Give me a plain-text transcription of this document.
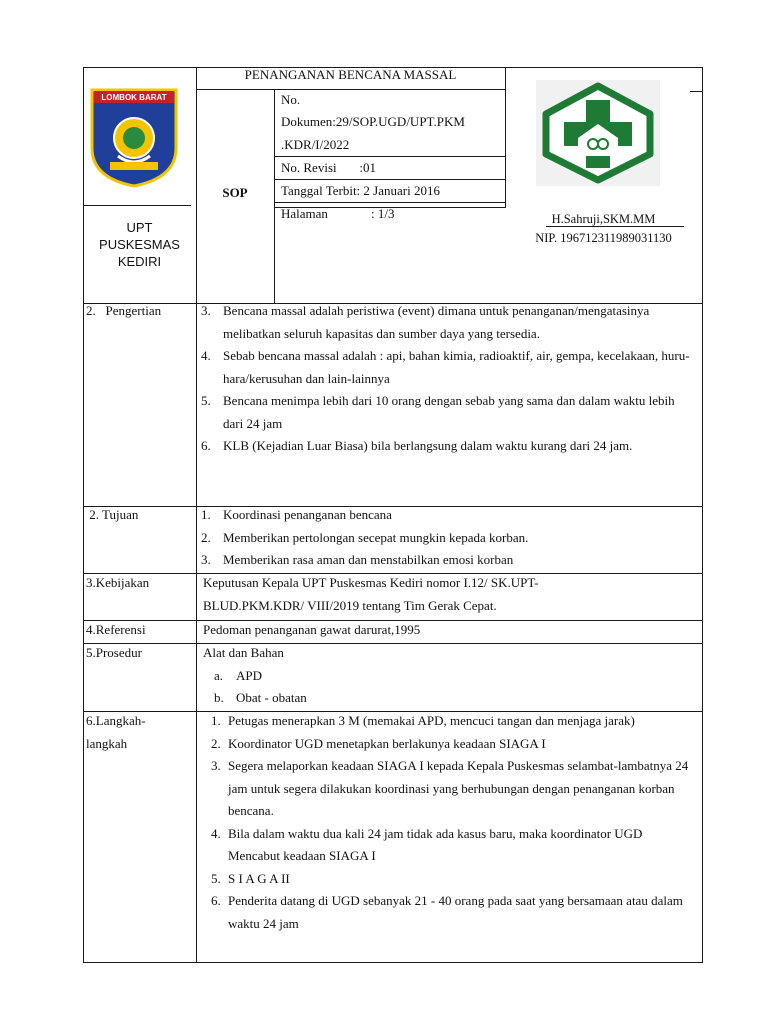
LOMBOK BARAT
UPT
PUSKESMAS
KEDIRI
PENANGANAN BENCANA MASSAL
SOP
No.
Dokumen:29/SOP.UGD/UPT.PKM
.KDR/I/2022
No. Revisi       :01
Tanggal Terbit: 2 Januari 2016
Halaman	: 1/3	H.Sahruji,SKM.MM
NIP. 196712311989031130
2.   Pengertian	3. Bencana massal adalah peristiwa (event) dimana untuk penanganan/mengatasinya melibatkan seluruh kapasitas dan sumber daya yang tersedia.
4. Sebab bencana massal adalah : api, bahan kimia, radioaktif, air, gempa, kecelakaan, huru-hara/kerusuhan dan lain-lainnya
5. Bencana menimpa lebih dari 10 orang dengan sebab yang sama dan dalam waktu lebih dari 24 jam
6. KLB (Kejadian Luar Biasa) bila berlangsung dalam waktu kurang dari 24 jam.
2. Tujuan	1. Koordinasi penanganan bencana
2. Memberikan pertolongan secepat mungkin kepada korban.
3. Memberikan rasa aman dan menstabilkan emosi korban
3.Kebijakan	Keputusan Kepala UPT Puskesmas Kediri nomor I.12/ SK.UPT-BLUD.PKM.KDR/ VIII/2019 tentang Tim Gerak Cepat.
4.Referensi	Pedoman penanganan gawat darurat,1995
5.Prosedur	Alat dan Bahan
a. APD
b. Obat - obatan
6.Langkah-
langkah
1. Petugas menerapkan 3 M (memakai APD, mencuci tangan dan menjaga jarak)
2. Koordinator UGD menetapkan berlakunya keadaan SIAGA I
3. Segera melaporkan keadaan SIAGA I kepada Kepala Puskesmas selambat-lambatnya 24 jam untuk segera dilakukan koordinasi yang berhubungan dengan penanganan korban bencana.
4. Bila dalam waktu dua kali 24 jam tidak ada kasus baru, maka koordinator UGD Mencabut keadaan SIAGA I
5. S I A G A II
6. Penderita datang di UGD sebanyak 21 - 40 orang pada saat yang bersamaan atau dalam waktu 24 jam
